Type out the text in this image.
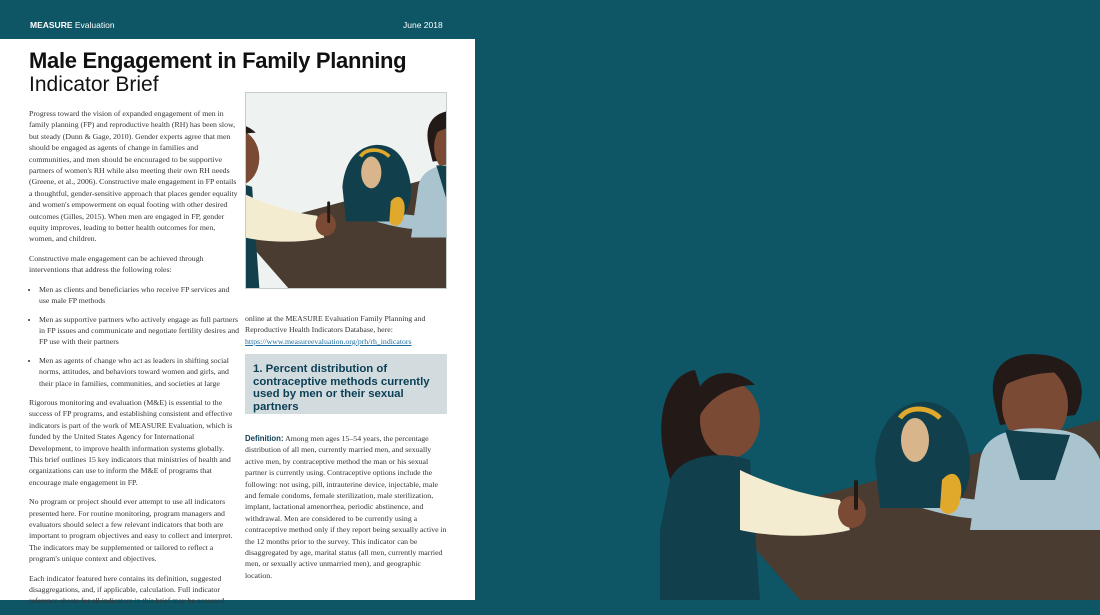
MEASURE Evaluation	June 2018
Male Engagement in Family Planning
Indicator Brief

Progress toward the vision of expanded engagement of men in family planning (FP) and reproductive health (RH) has been slow, but steady (Dunn & Gage, 2010). Gender experts agree that men should be engaged as agents of change in families and communities, and men should be encouraged to be supportive partners of women's RH while also meeting their own RH needs (Greene, et al., 2006). Constructive male engagement in FP entails a thoughtful, gender-sensitive approach that places gender equality and women's empowerment on equal footing with other desired outcomes (Gilles, 2015). When men are engaged in FP, gender equity improves, leading to better health outcomes for men, women, and children.

Constructive male engagement can be achieved through interventions that address the following roles:

• Men as clients and beneficiaries who receive FP services and use male FP methods
• Men as supportive partners who actively engage as full partners in FP issues and communicate and negotiate fertility desires and FP use with their partners
• Men as agents of change who act as leaders in shifting social norms, attitudes, and behaviors toward women and girls, and their place in families, communities, and societies at large

Rigorous monitoring and evaluation (M&E) is essential to the success of FP programs, and establishing consistent and effective indicators is part of the work of MEASURE Evaluation, which is funded by the United States Agency for International Development, to improve health information systems globally. This brief outlines 15 key indicators that ministries of health and organizations can use to inform the M&E of programs that encourage male engagement in FP.

No program or project should ever attempt to use all indicators presented here. For routine monitoring, program managers and evaluators should select a few relevant indicators that both are important to program objectives and easy to collect and interpret. The indicators may be supplemented or tailored to reflect a program's unique context and objectives.

Each indicator featured here contains its definition, suggested disaggregations, and, if applicable, calculation. Full indicator reference sheets for all indicators in this brief may be accessed

online at the MEASURE Evaluation Family Planning and Reproductive Health Indicators Database, here: https://www.measureevaluation.org/prh/rh_indicators

1. Percent distribution of contraceptive methods currently used by men or their sexual partners

Definition: Among men ages 15–54 years, the percentage distribution of all men, currently married men, and sexually active men, by contraceptive method the man or his sexual partner is currently using. Contraceptive options include the following: not using, pill, intrauterine device, injectable, male and female condoms, female sterilization, male sterilization, implant, lactational amenorrhea, periodic abstinence, and withdrawal. Men are considered to be currently using a contraceptive method only if they report being sexually active in the 12 months prior to the survey. This indicator can be disaggregated by age, marital status (all men, currently married men, or sexually active unmarried men), and geographic location.
